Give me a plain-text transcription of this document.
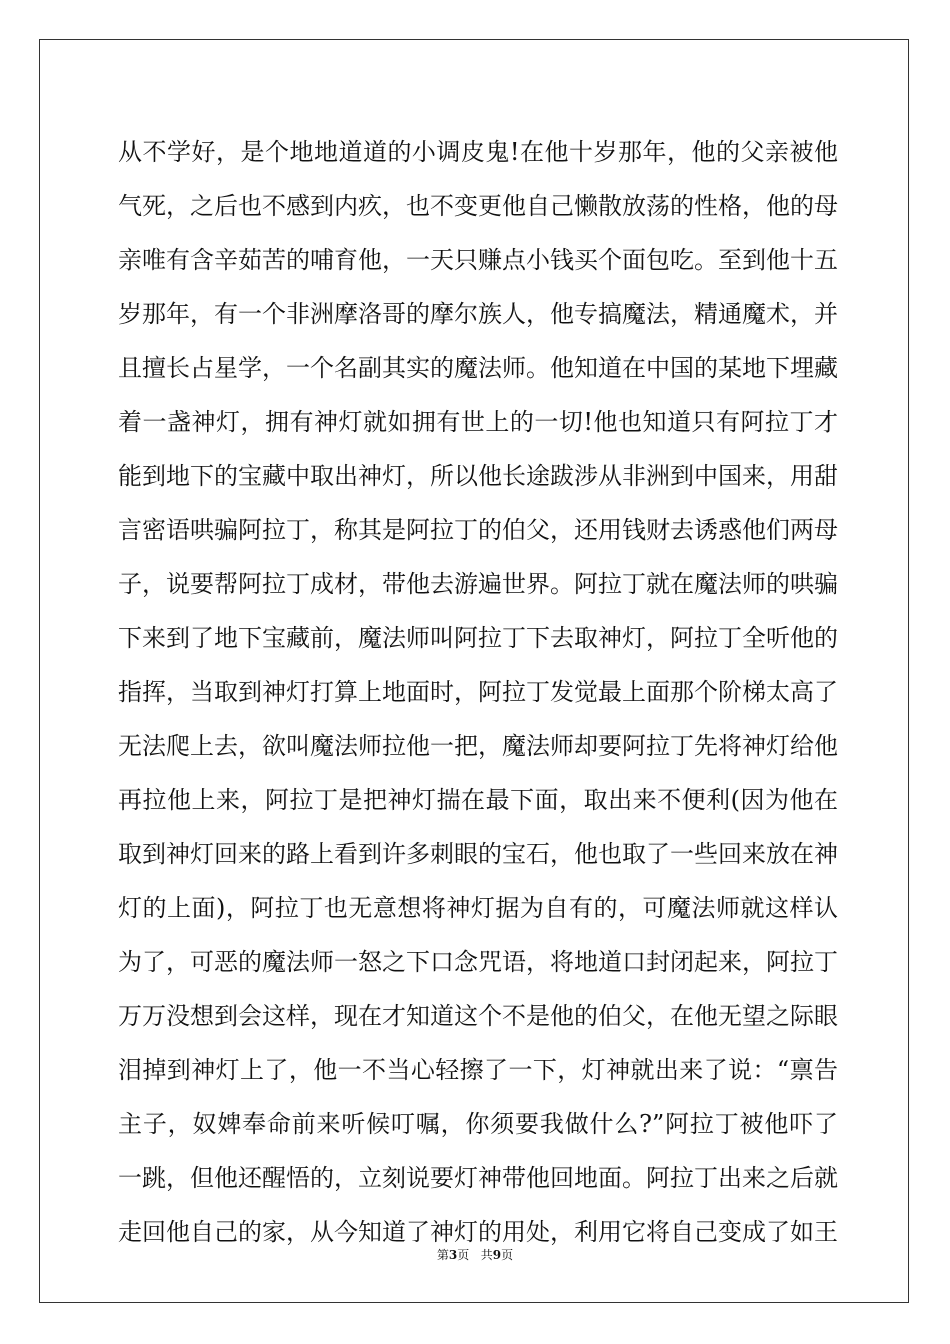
从不学好，是个地地道道的小调皮鬼!在他十岁那年，他的父亲被他
气死，之后也不感到内疚，也不变更他自己懒散放荡的性格，他的母
亲唯有含辛茹苦的哺育他，一天只赚点小钱买个面包吃。至到他十五
岁那年，有一个非洲摩洛哥的摩尔族人，他专搞魔法，精通魔术，并
且擅长占星学，一个名副其实的魔法师。他知道在中国的某地下埋藏
着一盏神灯，拥有神灯就如拥有世上的一切!他也知道只有阿拉丁才
能到地下的宝藏中取出神灯，所以他长途跋涉从非洲到中国来，用甜
言密语哄骗阿拉丁，称其是阿拉丁的伯父，还用钱财去诱惑他们两母
子，说要帮阿拉丁成材，带他去游遍世界。阿拉丁就在魔法师的哄骗
下来到了地下宝藏前，魔法师叫阿拉丁下去取神灯，阿拉丁全听他的
指挥，当取到神灯打算上地面时，阿拉丁发觉最上面那个阶梯太高了
无法爬上去，欲叫魔法师拉他一把，魔法师却要阿拉丁先将神灯给他
再拉他上来，阿拉丁是把神灯揣在最下面，取出来不便利(因为他在
取到神灯回来的路上看到许多刺眼的宝石，他也取了一些回来放在神
灯的上面)，阿拉丁也无意想将神灯据为自有的，可魔法师就这样认
为了，可恶的魔法师一怒之下口念咒语，将地道口封闭起来，阿拉丁
万万没想到会这样，现在才知道这个不是他的伯父，在他无望之际眼
泪掉到神灯上了，他一不当心轻擦了一下，灯神就出来了说：“禀告
主子，奴婢奉命前来听候叮嘱，你须要我做什么?”阿拉丁被他吓了
一跳，但他还醒悟的，立刻说要灯神带他回地面。阿拉丁出来之后就
走回他自己的家，从今知道了神灯的用处，利用它将自己变成了如王
第3页 共9页
